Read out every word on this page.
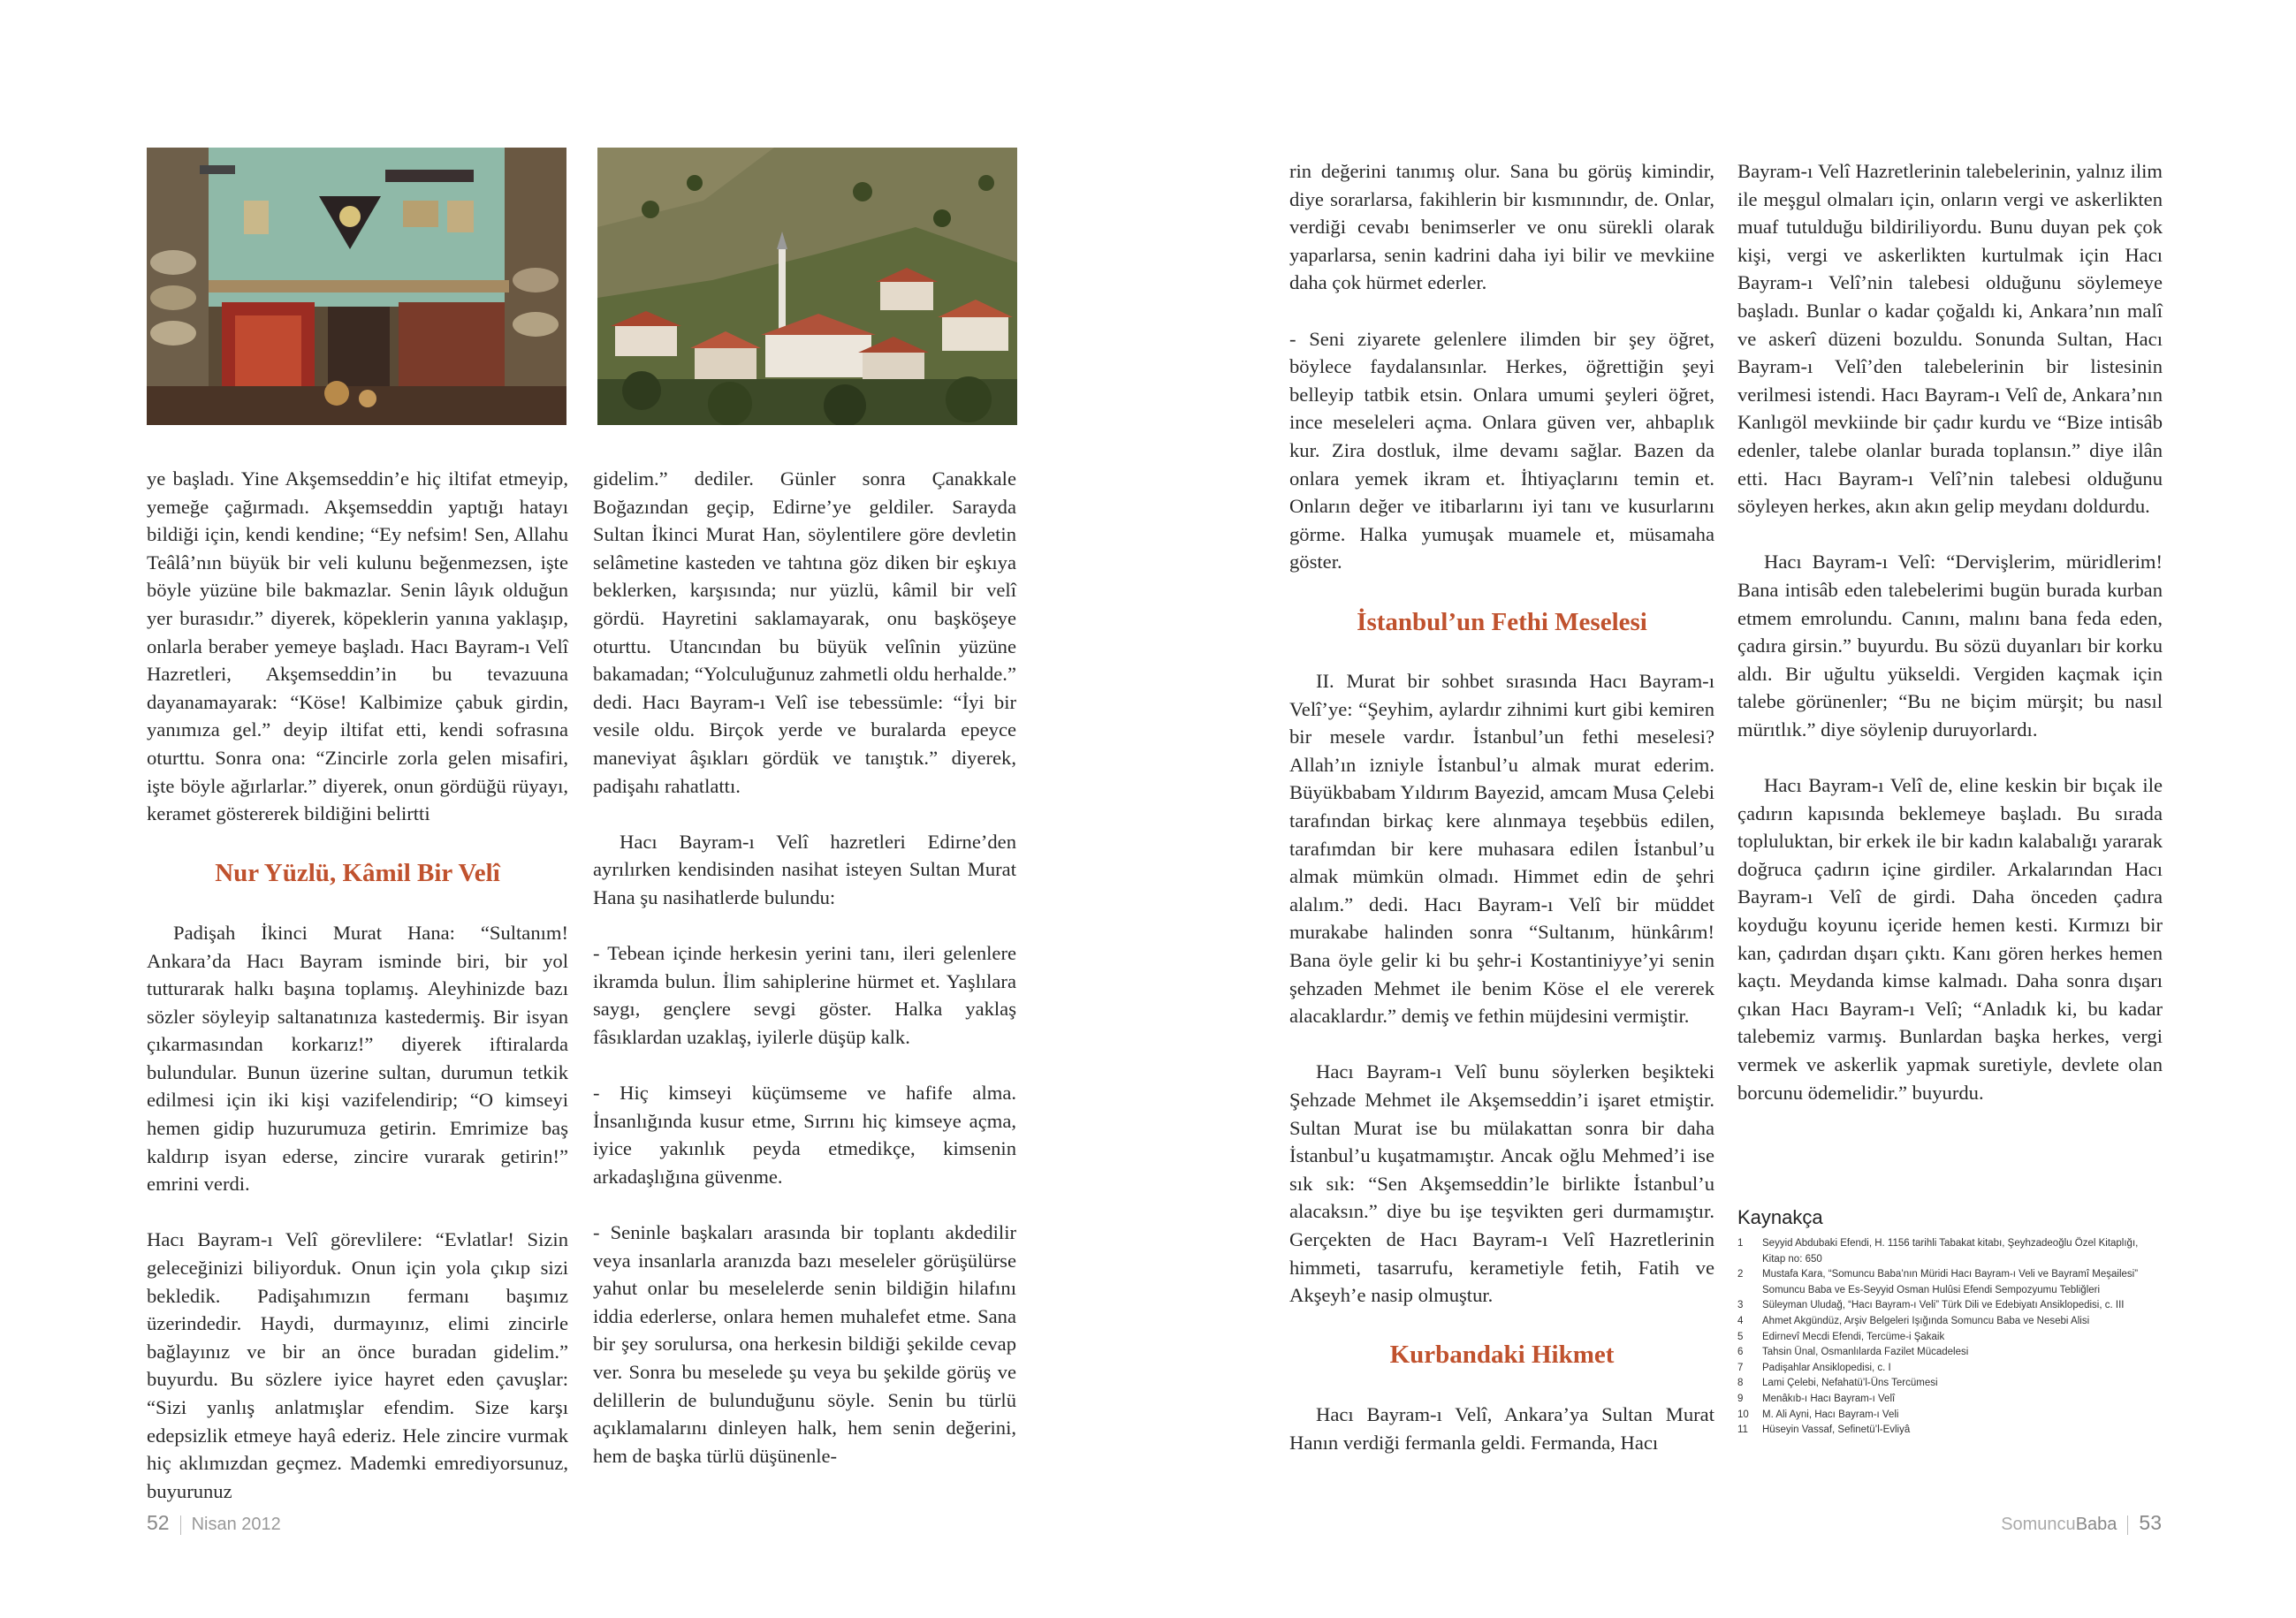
ye başladı. Yine Akşemseddin’e hiç iltifat etmeyip, yemeğe çağırmadı. Akşemseddin yaptığı hatayı bildiği için, kendi kendine; “Ey nefsim! Sen, Allahu Teâlâ’nın büyük bir veli kulunu beğenmezsen, işte böyle yüzüne bile bakmazlar. Senin lâyık olduğun yer burasıdır.” diyerek, köpeklerin yanına yaklaşıp, onlarla beraber yemeye başladı. Hacı Bayram-ı Velî Hazretleri, Akşemseddin’in bu tevazuuna dayanamayarak: “Köse! Kalbimize çabuk girdin, yanımıza gel.” deyip iltifat etti, kendi sofrasına oturttu. Sonra ona: “Zincirle zorla gelen misafiri, işte böyle ağırlarlar.” diyerek, onun gördüğü rüyayı, keramet göstererek bildiğini belirtti

Nur Yüzlü, Kâmil Bir Velî

Padişah İkinci Murat Hana: “Sultanım! Ankara’da Hacı Bayram isminde biri, bir yol tutturarak halkı başına toplamış. Aleyhinizde bazı sözler söyleyip saltanatınıza kastedermiş. Bir isyan çıkarmasından korkarız!” diyerek iftiralarda bulundular. Bunun üzerine sultan, durumun tetkik edilmesi için iki kişi vazifelendirip; “O kimseyi hemen gidip huzurumuza getirin. Emrimize baş kaldırıp isyan ederse, zincire vurarak getirin!” emrini verdi.

Hacı Bayram-ı Velî görevlilere: “Evlatlar! Sizin geleceğinizi biliyorduk. Onun için yola çıkıp sizi bekledik. Padişahımızın fermanı başımız üzerindedir. Haydi, durmayınız, elimi zincirle bağlayınız ve bir an önce buradan gidelim.” buyurdu. Bu sözlere iyice hayret eden çavuşlar: “Sizi yanlış anlatmışlar efendim. Size karşı edepsizlik etmeye hayâ ederiz. Hele zincire vurmak hiç aklımızdan geçmez. Mademki emrediyorsunuz, buyurunuz

gidelim.” dediler. Günler sonra Çanakkale Boğazından geçip, Edirne’ye geldiler. Sarayda Sultan İkinci Murat Han, söylentilere göre devletin selâmetine kasteden ve tahtına göz diken bir eşkıya beklerken, karşısında; nur yüzlü, kâmil bir velî gördü. Hayretini saklamayarak, onu başköşeye oturttu. Utancından bu büyük velînin yüzüne bakamadan; “Yolculuğunuz zahmetli oldu herhalde.” dedi. Hacı Bayram-ı Velî ise tebessümle: “İyi bir vesile oldu. Birçok yerde ve buralarda epeyce maneviyat âşıkları gördük ve tanıştık.” diyerek, padişahı rahatlattı.

Hacı Bayram-ı Velî hazretleri Edirne’den ayrılırken kendisinden nasihat isteyen Sultan Murat Hana şu nasihatlerde bulundu:

- Tebean içinde herkesin yerini tanı, ileri gelenlere ikramda bulun. İlim sahiplerine hürmet et. Yaşlılara saygı, gençlere sevgi göster. Halka yaklaş fâsıklardan uzaklaş, iyilerle düşüp kalk.

- Hiç kimseyi küçümseme ve hafife alma. İnsanlığında kusur etme, Sırrını hiç kimseye açma, iyice yakınlık peyda etmedikçe, kimsenin arkadaşlığına güvenme.

- Seninle başkaları arasında bir toplantı akdedilir veya insanlarla aranızda bazı meseleler görüşülürse yahut onlar bu meselelerde senin bildiğin hilafını iddia ederlerse, onlara hemen muhalefet etme. Sana bir şey sorulursa, ona herkesin bildiği şekilde cevap ver. Sonra bu meselede şu veya bu şekilde görüş ve delillerin de bulunduğunu söyle. Senin bu türlü açıklamalarını dinleyen halk, hem senin değerini, hem de başka türlü düşünenle-

rin değerini tanımış olur. Sana bu görüş kimindir, diye sorarlarsa, fakihlerin bir kısmınındır, de. Onlar, verdiği cevabı benimserler ve onu sürekli olarak yaparlarsa, senin kadrini daha iyi bilir ve mevkiine daha çok hürmet ederler.

- Seni ziyarete gelenlere ilimden bir şey öğret, böylece faydalansınlar. Herkes, öğrettiğin şeyi belleyip tatbik etsin. Onlara umumi şeyleri öğret, ince meseleleri açma. Onlara güven ver, ahbaplık kur. Zira dostluk, ilme devamı sağlar. Bazen da onlara yemek ikram et. İhtiyaçlarını temin et. Onların değer ve itibarlarını iyi tanı ve kusurlarını görme. Halka yumuşak muamele et, müsamaha göster.

İstanbul’un Fethi Meselesi

II. Murat bir sohbet sırasında Hacı Bayram-ı Velî’ye: “Şeyhim, aylardır zihnimi kurt gibi kemiren bir mesele vardır. İstanbul’un fethi meselesi? Allah’ın izniyle İstanbul’u almak murat ederim. Büyükbabam Yıldırım Bayezid, amcam Musa Çelebi tarafından birkaç kere alınmaya teşebbüs edilen, tarafımdan bir kere muhasara edilen İstanbul’u almak mümkün olmadı. Himmet edin de şehri alalım.” dedi. Hacı Bayram-ı Velî bir müddet murakabe halinden sonra “Sultanım, hünkârım! Bana öyle gelir ki bu şehr-i Kostantiniyye’yi senin şehzaden Mehmet ile benim Köse el ele vererek alacaklardır.” demiş ve fethin müjdesini vermiştir.

Hacı Bayram-ı Velî bunu söylerken beşikteki Şehzade Mehmet ile Akşemseddin’i işaret etmiştir. Sultan Murat ise bu mülakattan sonra bir daha İstanbul’u kuşatmamıştır. Ancak oğlu Mehmed’i ise sık sık: “Sen Akşemseddin’le birlikte İstanbul’u alacaksın.” diye bu işe teşvikten geri durmamıştır. Gerçekten de Hacı Bayram-ı Velî Hazretlerinin himmeti, tasarrufu, kerametiyle fetih, Fatih ve Akşeyh’e nasip olmuştur.

Kurbandaki Hikmet

Hacı Bayram-ı Velî, Ankara’ya Sultan Murat Hanın verdiği fermanla geldi. Fermanda, Hacı

Bayram-ı Velî Hazretlerinin talebelerinin, yalnız ilim ile meşgul olmaları için, onların vergi ve askerlikten muaf tutulduğu bildiriliyordu. Bunu duyan pek çok kişi, vergi ve askerlikten kurtulmak için Hacı Bayram-ı Velî’nin talebesi olduğunu söylemeye başladı. Bunlar o kadar çoğaldı ki, Ankara’nın malî ve askerî düzeni bozuldu. Sonunda Sultan, Hacı Bayram-ı Velî’den talebelerinin bir listesinin verilmesi istendi. Hacı Bayram-ı Velî de, Ankara’nın Kanlıgöl mevkiinde bir çadır kurdu ve “Bize intisâb edenler, talebe olanlar burada toplansın.” diye ilân etti. Hacı Bayram-ı Velî’nin talebesi olduğunu söyleyen herkes, akın akın gelip meydanı doldurdu.

Hacı Bayram-ı Velî: “Dervişlerim, müridlerim! Bana intisâb eden talebelerimi bugün burada kurban etmem emrolundu. Canını, malını bana feda eden, çadıra girsin.” buyurdu. Bu sözü duyanları bir korku aldı. Bir uğultu yükseldi. Vergiden kaçmak için talebe görünenler; “Bu ne biçim mürşit; bu nasıl mürıtlık.” diye söylenip duruyorlardı.

Hacı Bayram-ı Velî de, eline keskin bir bıçak ile çadırın kapısında beklemeye başladı. Bu sırada topluluktan, bir erkek ile bir kadın kalabalığı yararak doğruca çadırın içine girdiler. Arkalarından Hacı Bayram-ı Velî de girdi. Daha önceden çadıra koyduğu koyunu içeride hemen kesti. Kırmızı bir kan, çadırdan dışarı çıktı. Kanı gören herkes hemen kaçtı. Meydanda kimse kalmadı. Daha sonra dışarı çıkan Hacı Bayram-ı Velî; “Anladık ki, bu kadar talebemiz varmış. Bunlardan başka herkes, vergi vermek ve askerlik yapmak suretiyle, devlete olan borcunu ödemelidir.” buyurdu.

Kaynakça
1 Seyyid Abdubaki Efendi, H. 1156 tarihli Tabakat kitabı, Şeyhzadeoğlu Özel Kitaplığı, Kitap no: 650
2 Mustafa Kara, “Somuncu Baba’nın Müridi Hacı Bayram-ı Veli ve Bayramî Meşailesi” Somuncu Baba ve Es-Seyyid Osman Hulûsi Efendi Sempozyumu Tebliğleri
3 Süleyman Uludağ, “Hacı Bayram-ı Veli” Türk Dili ve Edebiyatı Ansiklopedisi, c. III
4 Ahmet Akgündüz, Arşiv Belgeleri Işığında Somuncu Baba ve Nesebi Alisi
5 Edirnevî Mecdi Efendi, Tercüme-i Şakaik
6 Tahsin Ünal, Osmanlılarda Fazilet Mücadelesi
7 Padişahlar Ansiklopedisi, c. I
8 Lami Çelebi, Nefahatü’l-Üns Tercümesi
9 Menâkıb-ı Hacı Bayram-ı Velî
10 M. Ali Ayni, Hacı Bayram-ı Veli
11 Hüseyin Vassaf, Sefinetü’l-Evliyâ
52 Nisan 2012	SomuncuBaba 53
